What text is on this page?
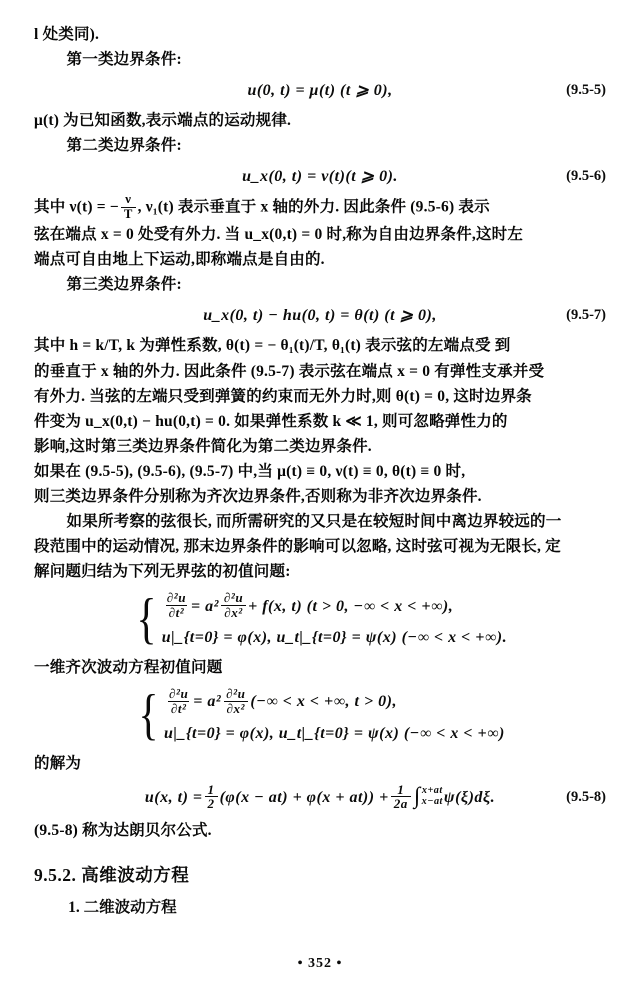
l 处类同).

第一类边界条件:

u(0, t) = μ(t) (t ⩾ 0),	(9.5-5)

μ(t) 为已知函数,表示端点的运动规律.

第二类边界条件:

u_x(0, t) = ν(t)(t ⩾ 0).	(9.5-6)

其中 ν(t) = − $\frac{\nu}{T}$ , ν₁(t) 表示垂直于 x 轴的外力. 因此条件 (9.5-6) 表示

弦在端点 x = 0 处受有外力. 当 u_x(0,t) = 0 时,称为自由边界条件,这时左

端点可自由地上下运动,即称端点是自由的.

第三类边界条件:

u_x(0, t) − hu(0, t) = θ(t) (t ⩾ 0),	(9.5-7)

其中 h = k/T, k 为弹性系数, θ(t) = − θ₁(t)/T, θ₁(t) 表示弦的左端点受 到

的垂直于 x 轴的外力. 因此条件 (9.5-7) 表示弦在端点 x = 0 有弹性支承并受

有外力. 当弦的左端只受到弹簧的约束而无外力时,则 θ(t) = 0, 这时边界条

件变为 u_x(0,t) − hu(0,t) = 0. 如果弹性系数 k ≪ 1, 则可忽略弹性力的

影响,这时第三类边界条件简化为第二类边界条件.

如果在 (9.5-5), (9.5-6), (9.5-7) 中,当 μ(t) ≡ 0, ν(t) ≡ 0, θ(t) ≡ 0 时,

则三类边界条件分别称为齐次边界条件,否则称为非齐次边界条件.

如果所考察的弦很长, 而所需研究的又只是在较短时间中离边界较远的一

段范围中的运动情况, 那末边界条件的影响可以忽略, 这时弦可视为无限长, 定

解问题归结为下列无界弦的初值问题:

{ $\frac{\text{∂²u}}{\text{∂t²}} = a^2 \frac{\text{∂²u}}{\text{∂x²}} + f(x$, t) (t > 0, −∞ < x < +∞),
u|_{t=0} = φ(x), u_t|_{t=0} = ψ(x) (−∞ < x < +∞).

一维齐次波动方程初值问题

{ $\frac{\text{∂²u}}{\text{∂t²}} = a^2 \frac{\text{∂²u}}{\text{∂x²}}$ (−∞ < x < +∞, t > 0),
u|_{t=0} = φ(x), u_t|_{t=0} = ψ(x) (−∞ < x < +∞)

的解为

u(x, $t) = \frac{1}{2} (\varphi(x - at) + \varphi(x + at)) + \frac{1}{2a}$ ∫ x+at
x−at ψ(ξ)dξ.	(9.5-8)

(9.5-8) 称为达朗贝尔公式.

9.5.2. 高维波动方程

1. 二维波动方程

• 352 •
